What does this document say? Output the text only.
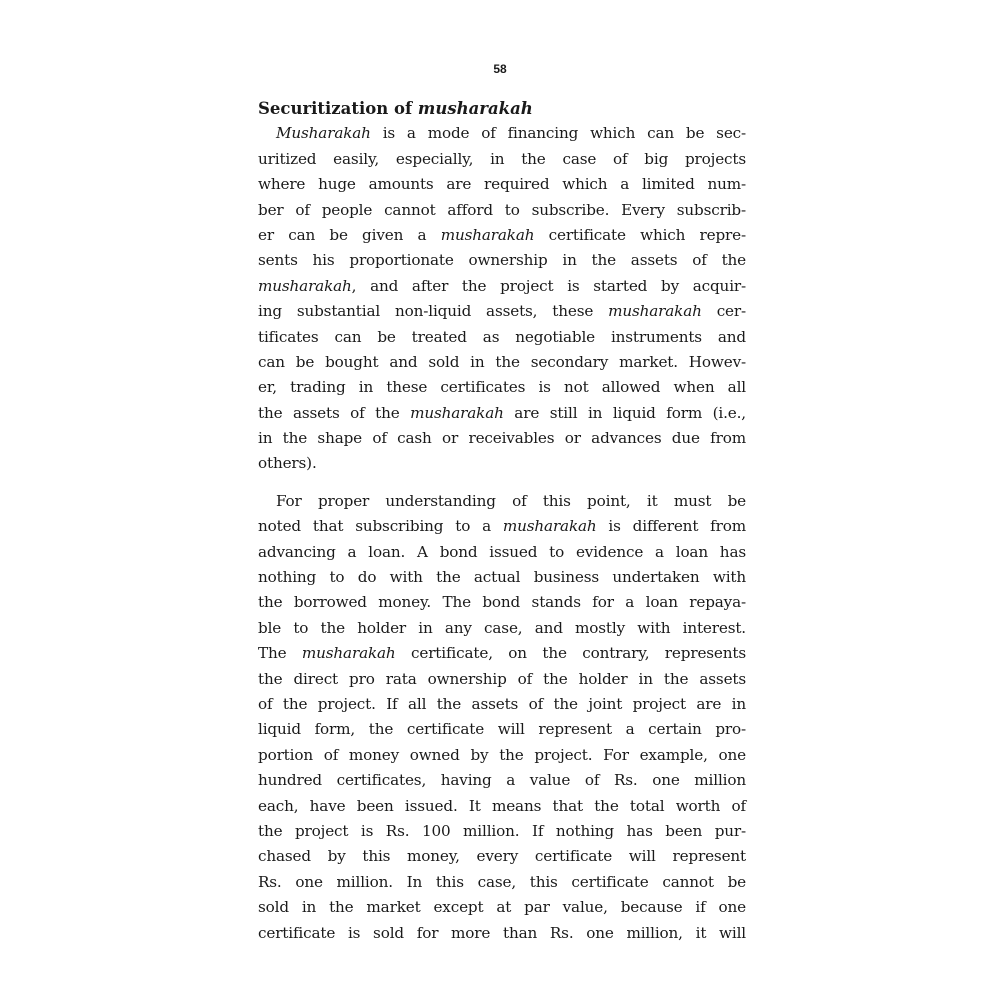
58

Securitization of musharakah
Musharakah is a mode of financing which can be sec-
uritized easily, especially, in the case of big projects
where huge amounts are required which a limited num-
ber of people cannot afford to subscribe. Every subscrib-
er can be given a musharakah certificate which repre-
sents his proportionate ownership in the assets of the
musharakah, and after the project is started by acquir-
ing substantial non-liquid assets, these musharakah cer-
tificates can be treated as negotiable instruments and
can be bought and sold in the secondary market. Howev-
er, trading in these certificates is not allowed when all
the assets of the musharakah are still in liquid form (i.e.,
in the shape of cash or receivables or advances due from
others).
For proper understanding of this point, it must be
noted that subscribing to a musharakah is different from
advancing a loan. A bond issued to evidence a loan has
nothing to do with the actual business undertaken with
the borrowed money. The bond stands for a loan repaya-
ble to the holder in any case, and mostly with interest.
The musharakah certificate, on the contrary, represents
the direct pro rata ownership of the holder in the assets
of the project. If all the assets of the joint project are in
liquid form, the certificate will represent a certain pro-
portion of money owned by the project. For example, one
hundred certificates, having a value of Rs. one million
each, have been issued. It means that the total worth of
the project is Rs. 100 million. If nothing has been pur-
chased by this money, every certificate will represent
Rs. one million. In this case, this certificate cannot be
sold in the market except at par value, because if one
certificate is sold for more than Rs. one million, it will
